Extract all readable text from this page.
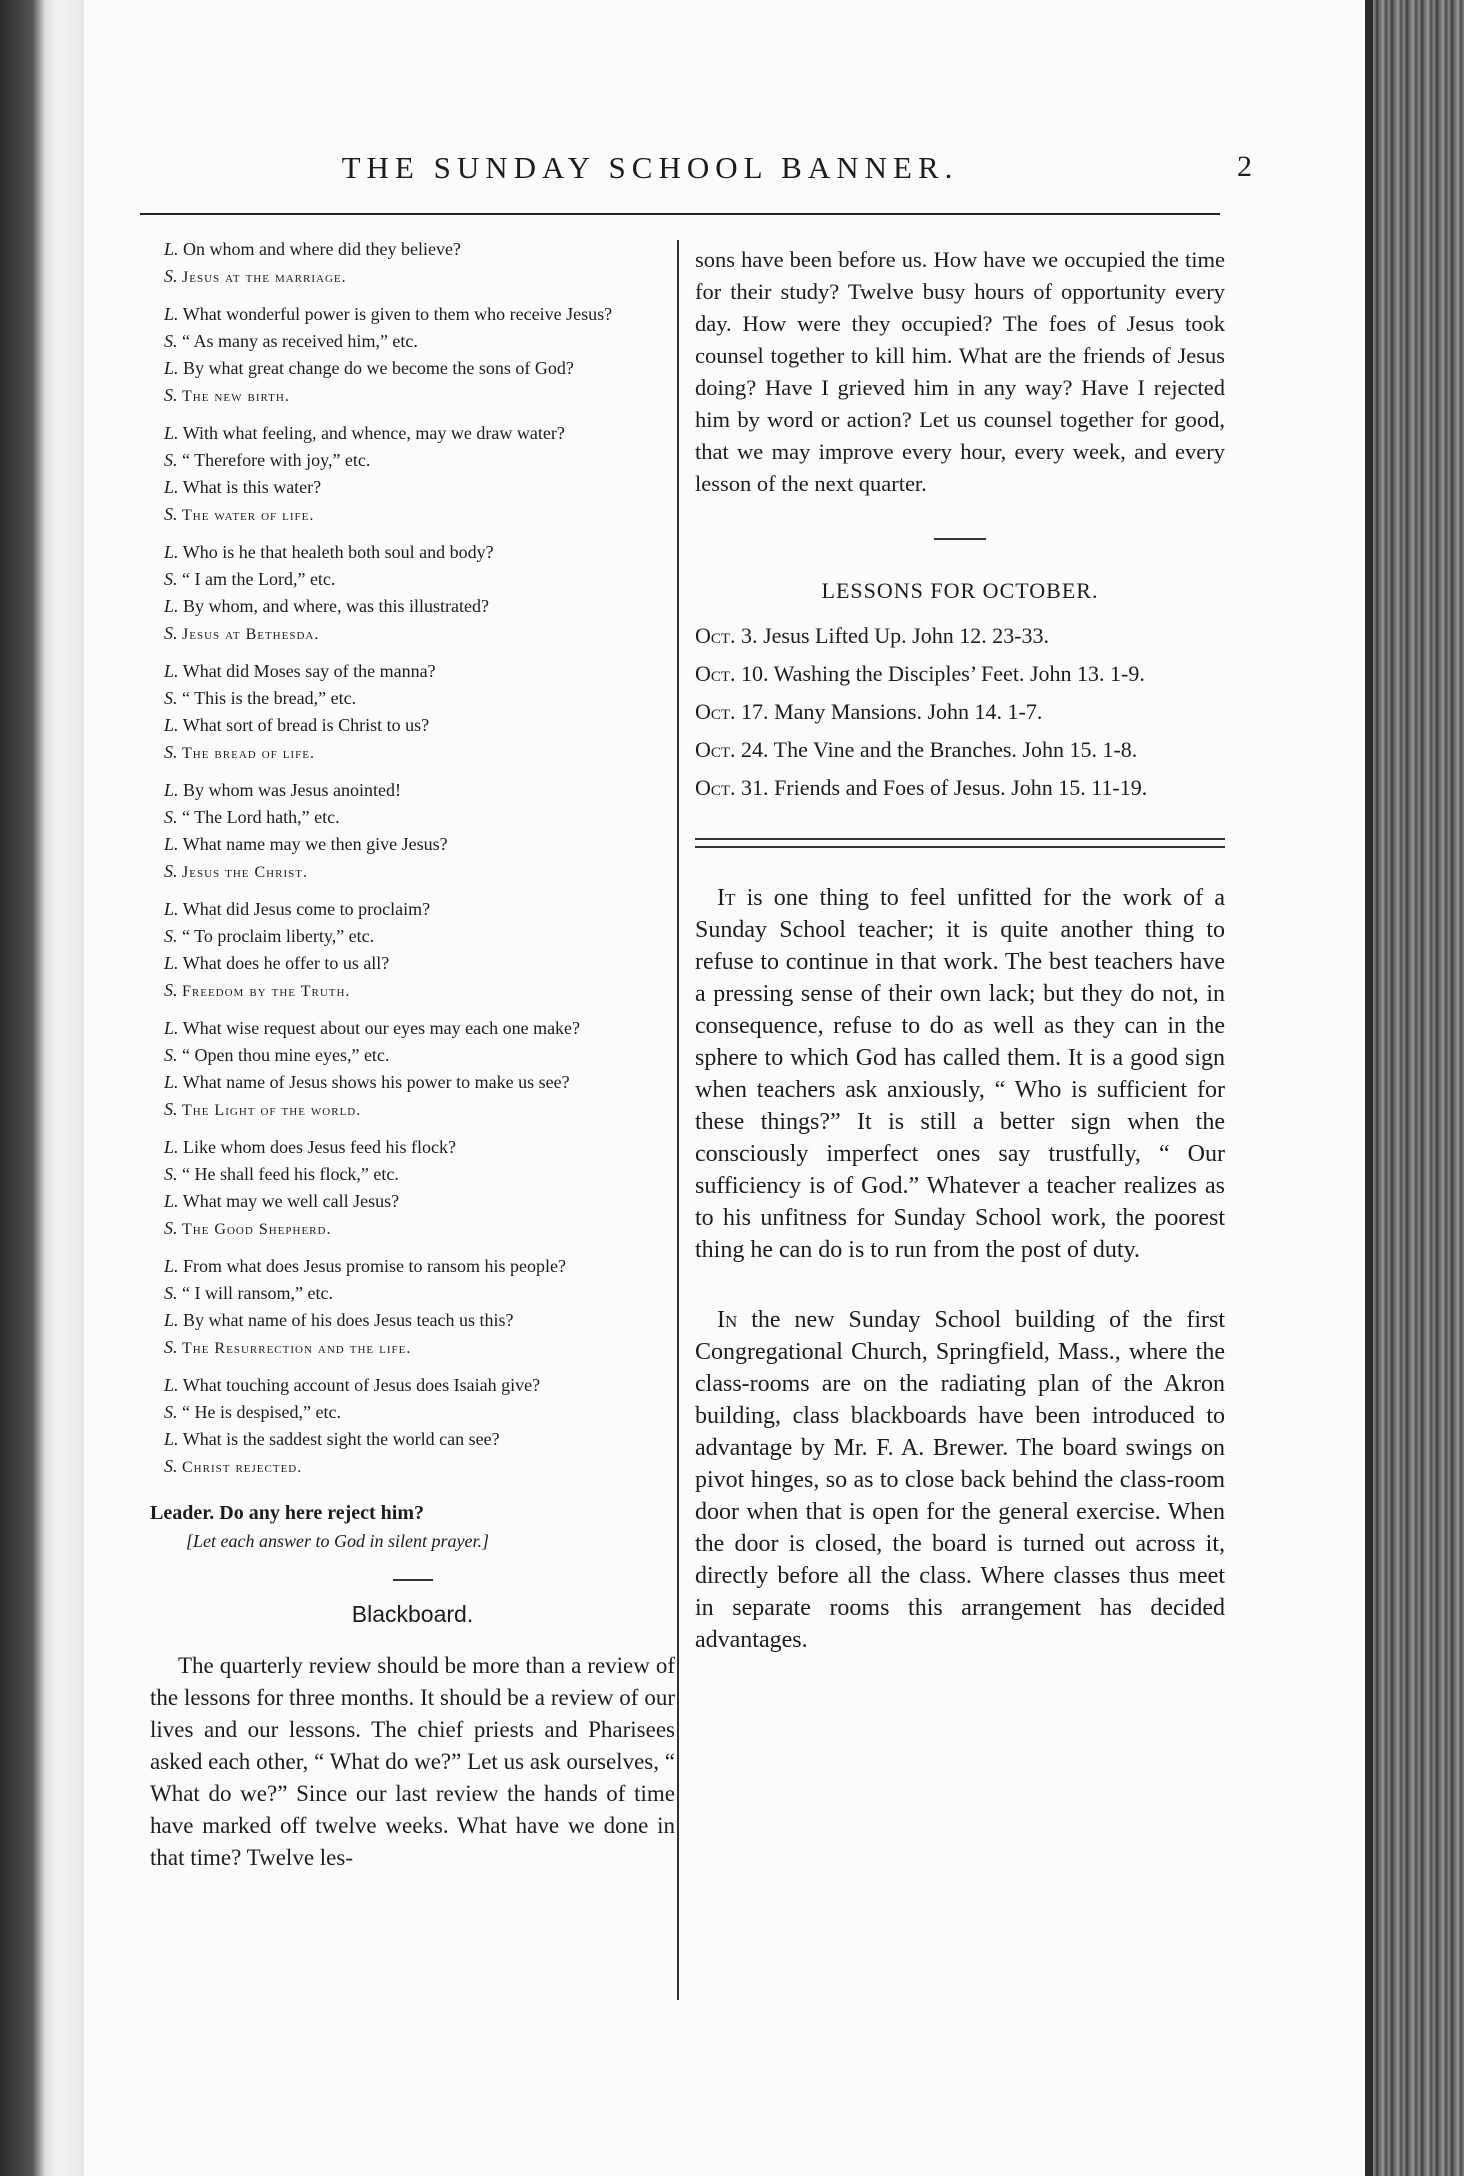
THE SUNDAY SCHOOL BANNER.	2
L. On whom and where did they believe?
S. Jesus at the marriage.
L. What wonderful power is given to them who receive Jesus?
S. “ As many as received him,” etc.
L. By what great change do we become the sons of God?
S. The new birth.
L. With what feeling, and whence, may we draw water?
S. “ Therefore with joy,” etc.
L. What is this water?
S. The water of life.
L. Who is he that healeth both soul and body?
S. “ I am the Lord,” etc.
L. By whom, and where, was this illustrated?
S. Jesus at Bethesda.
L. What did Moses say of the manna?
S. “ This is the bread,” etc.
L. What sort of bread is Christ to us?
S. The bread of life.
L. By whom was Jesus anointed!
S. “ The Lord hath,” etc.
L. What name may we then give Jesus?
S. Jesus the Christ.
L. What did Jesus come to proclaim?
S. “ To proclaim liberty,” etc.
L. What does he offer to us all?
S. Freedom by the Truth.
L. What wise request about our eyes may each one make?
S. “ Open thou mine eyes,” etc.
L. What name of Jesus shows his power to make us see?
S. The Light of the world.
L. Like whom does Jesus feed his flock?
S. “ He shall feed his flock,” etc.
L. What may we well call Jesus?
S. The Good Shepherd.
L. From what does Jesus promise to ransom his people?
S. “ I will ransom,” etc.
L. By what name of his does Jesus teach us this?
S. The Resurrection and the life.
L. What touching account of Jesus does Isaiah give?
S. “ He is despised,” etc.
L. What is the saddest sight the world can see?
S. Christ rejected.
Leader. Do any here reject him?
[Let each answer to God in silent prayer.]
Blackboard.
The quarterly review should be more than a review of the lessons for three months. It should be a review of our lives and our lessons. The chief priests and Pharisees asked each other, “ What do we?” Let us ask ourselves, “ What do we?” Since our last review the hands of time have marked off twelve weeks. What have we done in that time? Twelve les-
sons have been before us. How have we occupied the time for their study? Twelve busy hours of opportunity every day. How were they occupied? The foes of Jesus took counsel together to kill him. What are the friends of Jesus doing? Have I grieved him in any way? Have I rejected him by word or action? Let us counsel together for good, that we may improve every hour, every week, and every lesson of the next quarter.
LESSONS FOR OCTOBER.
Oct. 3. Jesus Lifted Up. John 12. 23-33.
Oct. 10. Washing the Disciples’ Feet. John 13. 1-9.
Oct. 17. Many Mansions. John 14. 1-7.
Oct. 24. The Vine and the Branches. John 15. 1-8.
Oct. 31. Friends and Foes of Jesus. John 15. 11-19.
It is one thing to feel unfitted for the work of a Sunday School teacher; it is quite another thing to refuse to continue in that work. The best teachers have a pressing sense of their own lack; but they do not, in consequence, refuse to do as well as they can in the sphere to which God has called them. It is a good sign when teachers ask anxiously, “ Who is sufficient for these things?” It is still a better sign when the consciously imperfect ones say trustfully, “ Our sufficiency is of God.” Whatever a teacher realizes as to his unfitness for Sunday School work, the poorest thing he can do is to run from the post of duty.
In the new Sunday School building of the first Congregational Church, Springfield, Mass., where the class-rooms are on the radiating plan of the Akron building, class blackboards have been introduced to advantage by Mr. F. A. Brewer. The board swings on pivot hinges, so as to close back behind the class-room door when that is open for the general exercise. When the door is closed, the board is turned out across it, directly before all the class. Where classes thus meet in separate rooms this arrangement has decided advantages.
